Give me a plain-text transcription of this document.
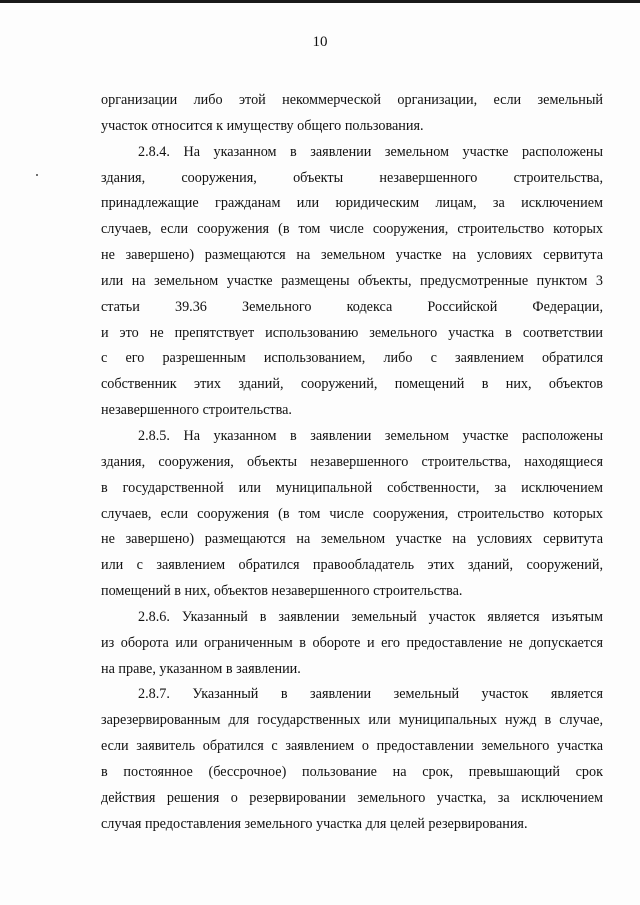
10
организации либо этой некоммерческой организации, если земельный
участок относится к имуществу общего пользования.
2.8.4. На указанном в заявлении земельном участке расположены
здания, сооружения, объекты незавершенного строительства,
принадлежащие гражданам или юридическим лицам, за исключением
случаев, если сооружения (в том числе сооружения, строительство которых
не завершено) размещаются на земельном участке на условиях сервитута
или на земельном участке размещены объекты, предусмотренные пунктом 3
статьи 39.36 Земельного кодекса Российской Федерации,
и это не препятствует использованию земельного участка в соответствии
с его разрешенным использованием, либо с заявлением обратился
собственник этих зданий, сооружений, помещений в них, объектов
незавершенного строительства.
2.8.5. На указанном в заявлении земельном участке расположены
здания, сооружения, объекты незавершенного строительства, находящиеся
в государственной или муниципальной собственности, за исключением
случаев, если сооружения (в том числе сооружения, строительство которых
не завершено) размещаются на земельном участке на условиях сервитута
или с заявлением обратился правообладатель этих зданий, сооружений,
помещений в них, объектов незавершенного строительства.
2.8.6. Указанный в заявлении земельный участок является изъятым
из оборота или ограниченным в обороте и его предоставление не допускается
на праве, указанном в заявлении.
2.8.7. Указанный в заявлении земельный участок является
зарезервированным для государственных или муниципальных нужд в случае,
если заявитель обратился с заявлением о предоставлении земельного участка
в постоянное (бессрочное) пользование на срок, превышающий срок
действия решения о резервировании земельного участка, за исключением
случая предоставления земельного участка для целей резервирования.
